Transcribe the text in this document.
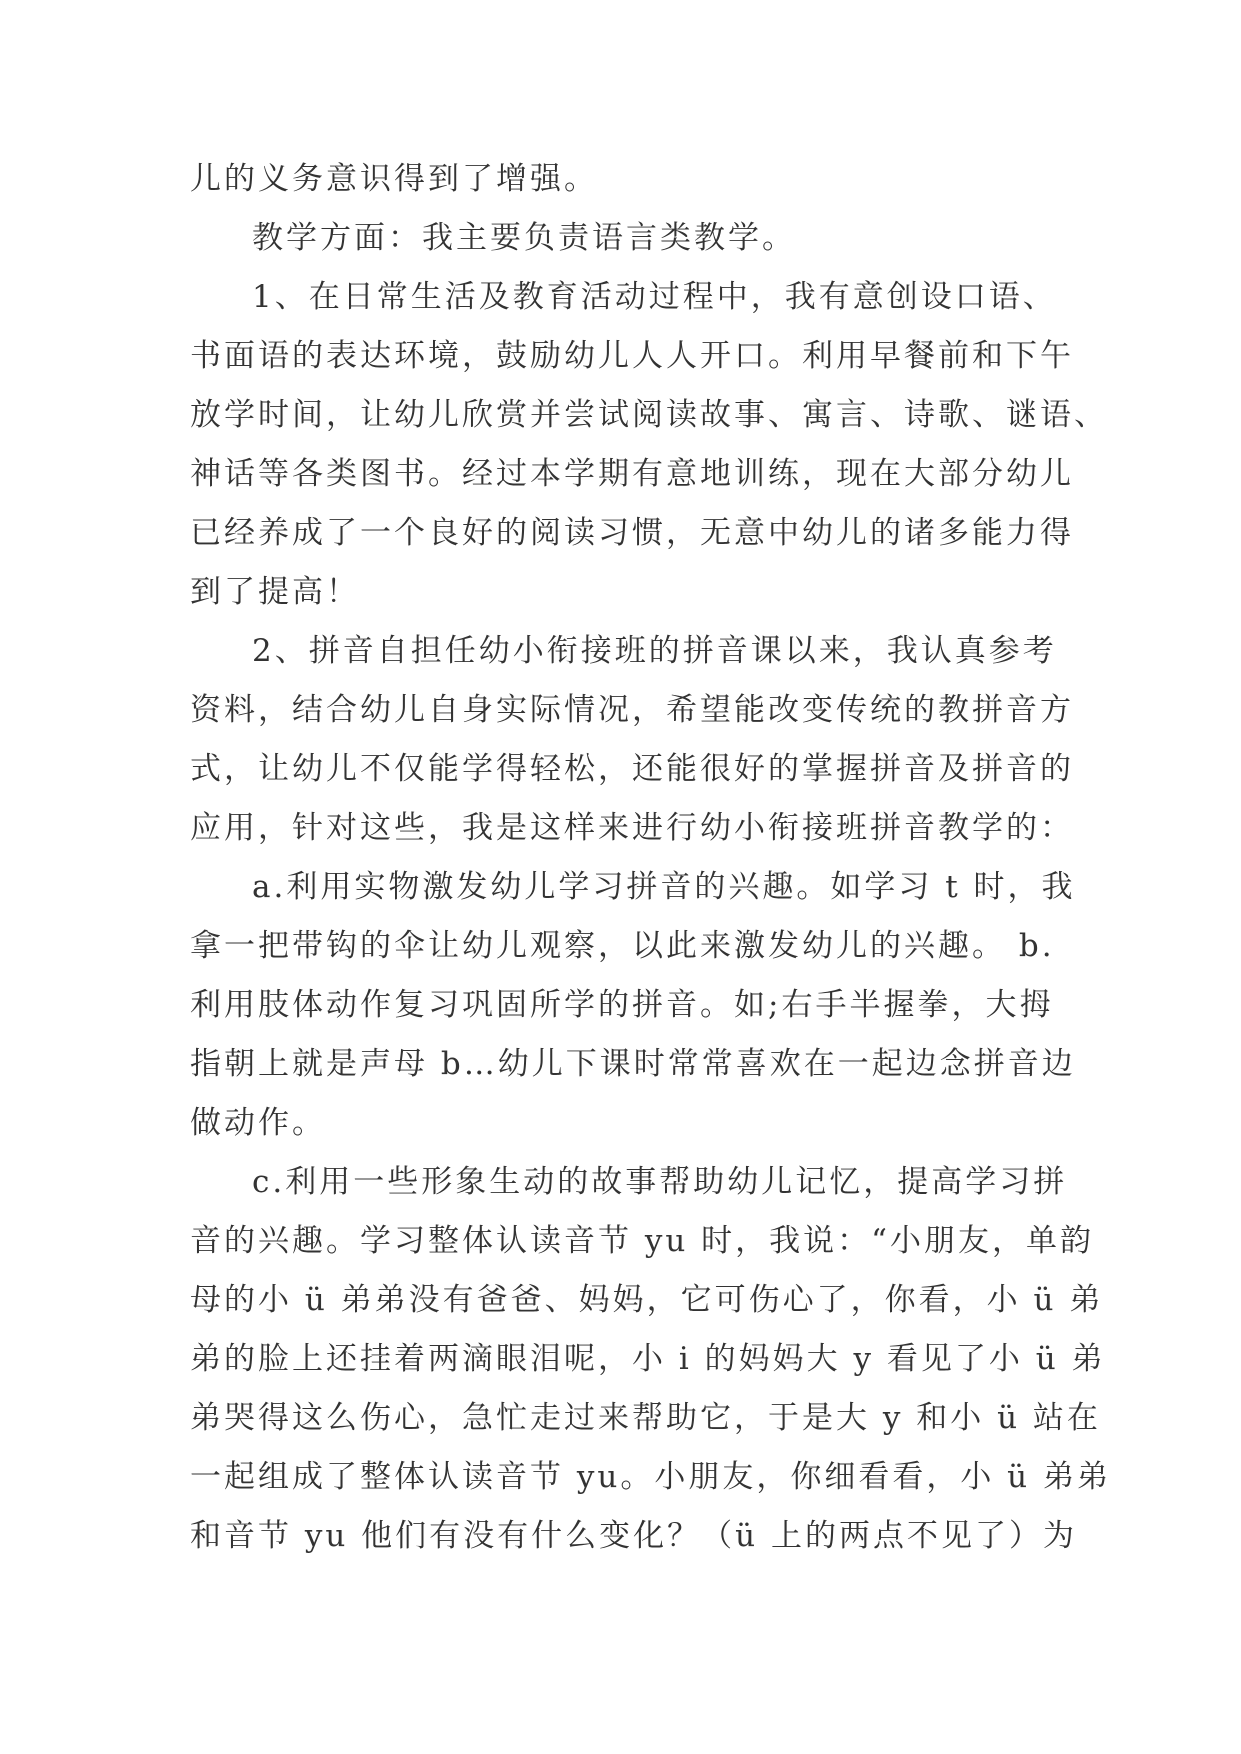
儿的义务意识得到了增强。
教学方面：我主要负责语言类教学。
1、在日常生活及教育活动过程中，我有意创设口语、
书面语的表达环境，鼓励幼儿人人开口。利用早餐前和下午
放学时间，让幼儿欣赏并尝试阅读故事、寓言、诗歌、谜语、
神话等各类图书。经过本学期有意地训练，现在大部分幼儿
已经养成了一个良好的阅读习惯，无意中幼儿的诸多能力得
到了提高！
2、拼音自担任幼小衔接班的拼音课以来，我认真参考
资料，结合幼儿自身实际情况，希望能改变传统的教拼音方
式，让幼儿不仅能学得轻松，还能很好的掌握拼音及拼音的
应用，针对这些，我是这样来进行幼小衔接班拼音教学的：
a.利用实物激发幼儿学习拼音的兴趣。如学习 t 时，我
拿一把带钩的伞让幼儿观察，以此来激发幼儿的兴趣。 b.
利用肢体动作复习巩固所学的拼音。如;右手半握拳，大拇
指朝上就是声母 b…幼儿下课时常常喜欢在一起边念拼音边
做动作。
c.利用一些形象生动的故事帮助幼儿记忆，提高学习拼
音的兴趣。学习整体认读音节 yu 时，我说：“小朋友，单韵
母的小 ü 弟弟没有爸爸、妈妈，它可伤心了，你看，小 ü 弟
弟的脸上还挂着两滴眼泪呢，小 i 的妈妈大 y 看见了小 ü 弟
弟哭得这么伤心，急忙走过来帮助它，于是大 y 和小 ü 站在
一起组成了整体认读音节 yu。小朋友，你细看看，小 ü 弟弟
和音节 yu 他们有没有什么变化？（ü 上的两点不见了）为
